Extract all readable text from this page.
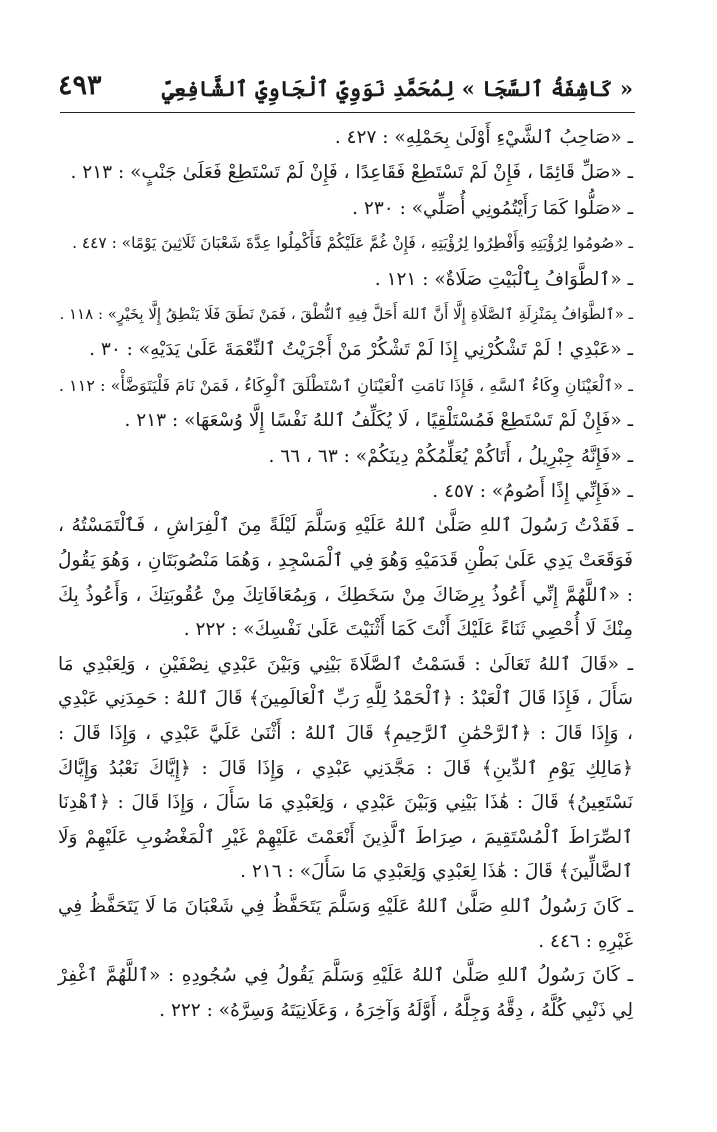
« كَاشِفَةُ ٱلسَّجَا » لِمُحَمَّدِ نَوَوِيِّ ٱلْجَاوِيِّ ٱلشَّافِعِيِّ
٤٩٣

ـ «صَاحِبُ ٱلشَّيْءِ أَوْلَىٰ بِحَمْلِهِ» : ٤٢٧ .

ـ «صَلِّ قَائِمًا ، فَإِنْ لَمْ تَسْتَطِعْ فَقَاعِدًا ، فَإِنْ لَمْ تَسْتَطِعْ فَعَلَىٰ جَنْبٍ» : ٢١٣ .

ـ «صَلُّوا كَمَا رَأَيْتُمُونِي أُصَلِّي» : ٢٣٠ .

ـ «صُومُوا لِرُؤْيَتِهِ وَأَفْطِرُوا لِرُؤْيَتِهِ ، فَإِنْ غُمَّ عَلَيْكُمْ فَأَكْمِلُوا عِدَّةَ شَعْبَانَ ثَلَاثِينَ يَوْمًا» : ٤٤٧ .

ـ «ٱلطَّوَافُ بِٱلْبَيْتِ صَلَاةٌ» : ١٢١ .

ـ «ٱلطَّوَافُ بِمَنْزِلَةِ ٱلصَّلَاةِ إِلَّا أَنَّ ٱللهَ أَحَلَّ فِيهِ ٱلنُّطْقَ ، فَمَنْ نَطَقَ فَلَا يَنْطِقُ إِلَّا بِخَيْرٍ» : ١١٨ .

ـ «عَبْدِي ! لَمْ تَشْكُرْنِي إِذَا لَمْ تَشْكُرْ مَنْ أَجْرَيْتُ ٱلنِّعْمَةَ عَلَىٰ يَدَيْهِ» : ٣٠ .

ـ «ٱلْعَيْنَانِ وِكَاءُ ٱلسَّهِ ، فَإِذَا نَامَتِ ٱلْعَيْنَانِ ٱسْتَطْلَقَ ٱلْوِكَاءُ ، فَمَنْ نَامَ فَلْيَتَوَضَّأْ» : ١١٢ .

ـ «فَإِنْ لَمْ تَسْتَطِعْ فَمُسْتَلْقِيًا ، لَا يُكَلِّفُ ٱللهُ نَفْسًا إِلَّا وُسْعَهَا» : ٢١٣ .

ـ «فَإِنَّهُ جِبْرِيلُ ، أَتَاكُمْ يُعَلِّمُكُمْ دِينَكُمْ» : ٦٣ ، ٦٦ .

ـ «فَإِنِّي إِذًا أَصُومُ» : ٤٥٧ .

ـ فَقَدْتُ رَسُولَ ٱللهِ صَلَّىٰ ٱللهُ عَلَيْهِ وَسَلَّمَ لَيْلَةً مِنَ ٱلْفِرَاشِ ، فَٱلْتَمَسْتُهُ ، فَوَقَعَتْ يَدِي عَلَىٰ بَطْنِ قَدَمَيْهِ وَهُوَ فِي ٱلْمَسْجِدِ ، وَهُمَا مَنْصُوبَتَانِ ، وَهُوَ يَقُولُ : «ٱللَّهُمَّ إِنِّي أَعُوذُ بِرِضَاكَ مِنْ سَخَطِكَ ، وَبِمُعَافَاتِكَ مِنْ عُقُوبَتِكَ ، وَأَعُوذُ بِكَ مِنْكَ لَا أُحْصِي ثَنَاءً عَلَيْكَ أَنْتَ كَمَا أَثْنَيْتَ عَلَىٰ نَفْسِكَ» : ٢٢٢ .

ـ «قَالَ ٱللهُ تَعَالَىٰ : قَسَمْتُ ٱلصَّلَاةَ بَيْنِي وَبَيْنَ عَبْدِي نِصْفَيْنِ ، وَلِعَبْدِي مَا سَأَلَ ، فَإِذَا قَالَ ٱلْعَبْدُ : ﴿ٱلْحَمْدُ لِلَّهِ رَبِّ ٱلْعَالَمِينَ﴾ قَالَ ٱللهُ : حَمِدَنِي عَبْدِي ، وَإِذَا قَالَ : ﴿ٱلرَّحْمَٰنِ ٱلرَّحِيمِ﴾ قَالَ ٱللهُ : أَثْنَىٰ عَلَيَّ عَبْدِي ، وَإِذَا قَالَ : ﴿مَالِكِ يَوْمِ ٱلدِّينِ﴾ قَالَ : مَجَّدَنِي عَبْدِي ، وَإِذَا قَالَ : ﴿إِيَّاكَ نَعْبُدُ وَإِيَّاكَ نَسْتَعِينُ﴾ قَالَ : هَٰذَا بَيْنِي وَبَيْنَ عَبْدِي ، وَلِعَبْدِي مَا سَأَلَ ، وَإِذَا قَالَ : ﴿ٱهْدِنَا ٱلصِّرَاطَ ٱلْمُسْتَقِيمَ ، صِرَاطَ ٱلَّذِينَ أَنْعَمْتَ عَلَيْهِمْ غَيْرِ ٱلْمَغْضُوبِ عَلَيْهِمْ وَلَا ٱلضَّالِّينَ﴾ قَالَ : هَٰذَا لِعَبْدِي وَلِعَبْدِي مَا سَأَلَ» : ٢١٦ .

ـ كَانَ رَسُولُ ٱللهِ صَلَّىٰ ٱللهُ عَلَيْهِ وَسَلَّمَ يَتَحَفَّظُ فِي شَعْبَانَ مَا لَا يَتَحَفَّظُ فِي غَيْرِهِ : ٤٤٦ .

ـ كَانَ رَسُولُ ٱللهِ صَلَّىٰ ٱللهُ عَلَيْهِ وَسَلَّمَ يَقُولُ فِي سُجُودِهِ : «ٱللَّهُمَّ ٱغْفِرْ لِي ذَنْبِي كُلَّهُ ، دِقَّهُ وَجِلَّهُ ، أَوَّلَهُ وَآخِرَهُ ، وَعَلَانِيَتَهُ وَسِرَّهُ» : ٢٢٢ .
